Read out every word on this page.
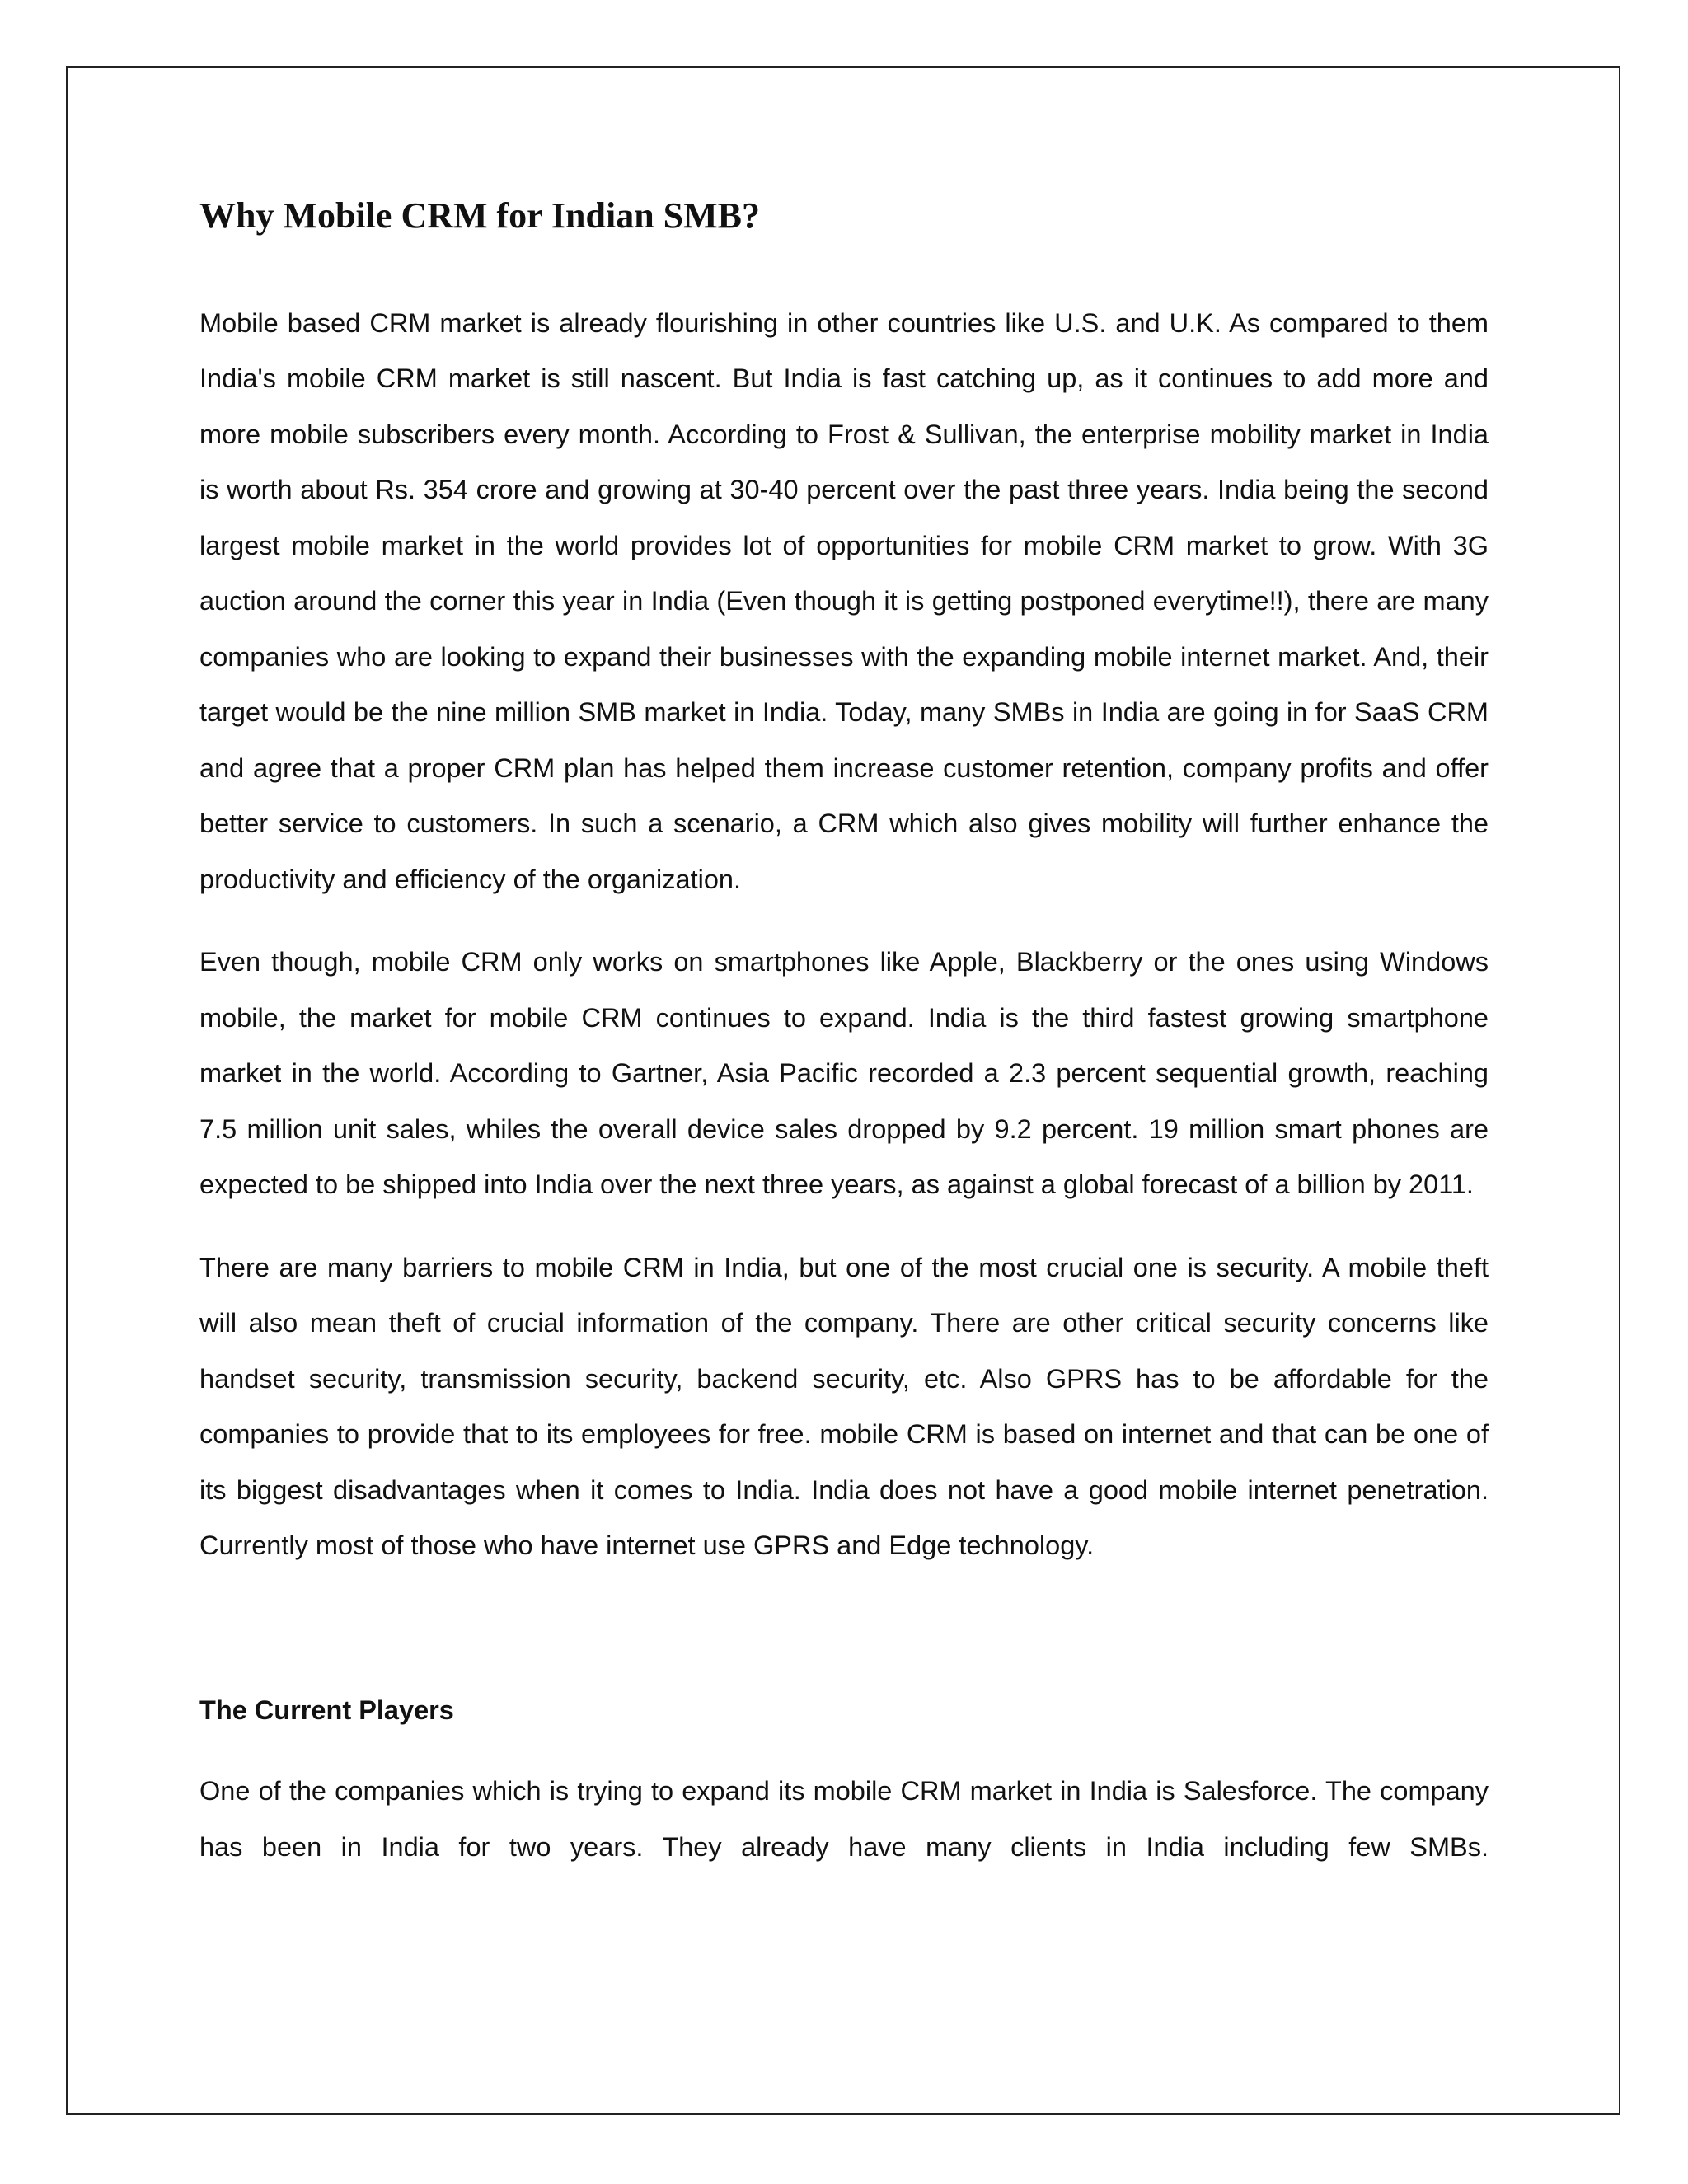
Why Mobile CRM for Indian SMB?

Mobile based CRM market is already flourishing in other countries like U.S. and U.K. As compared to them India's mobile CRM market is still nascent. But India is fast catching up, as it continues to add more and more mobile subscribers every month. According to Frost & Sullivan, the enterprise mobility market in India is worth about Rs. 354 crore and growing at 30-40 percent over the past three years. India being the second largest mobile market in the world provides lot of opportunities for mobile CRM market to grow. With 3G auction around the corner this year in India (Even though it is getting postponed everytime!!), there are many companies who are looking to expand their businesses with the expanding mobile internet market. And, their target would be the nine million SMB market in India. Today, many SMBs in India are going in for SaaS CRM and agree that a proper CRM plan has helped them increase customer retention, company profits and offer better service to customers. In such a scenario, a CRM which also gives mobility will further enhance the productivity and efficiency of the organization.

Even though, mobile CRM only works on smartphones like Apple, Blackberry or the ones using Windows mobile, the market for mobile CRM continues to expand. India is the third fastest growing smartphone market in the world. According to Gartner, Asia Pacific recorded a 2.3 percent sequential growth, reaching 7.5 million unit sales, whiles the overall device sales dropped by 9.2 percent. 19 million smart phones are expected to be shipped into India over the next three years, as against a global forecast of a billion by 2011.

There are many barriers to mobile CRM in India, but one of the most crucial one is security. A mobile theft will also mean theft of crucial information of the company. There are other critical security concerns like handset security, transmission security, backend security, etc. Also GPRS has to be affordable for the companies to provide that to its employees for free. mobile CRM is based on internet and that can be one of its biggest disadvantages when it comes to India. India does not have a good mobile internet penetration. Currently most of those who have internet use GPRS and Edge technology.

The Current Players

One of the companies which is trying to expand its mobile CRM market in India is Salesforce. The company has been in India for two years. They already have many clients in India including few SMBs.
